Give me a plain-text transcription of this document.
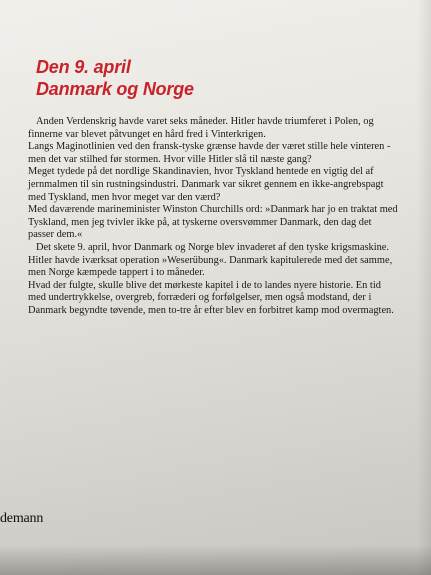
Den 9. april
Danmark og Norge

Anden Verdenskrig havde varet seks måneder. Hitler havde triumferet i Polen, og finnerne var blevet påtvunget en hård fred i Vinterkrigen.

Langs Maginotlinien ved den fransk-tyske grænse havde der været stille hele vinteren - men det var stilhed før stormen. Hvor ville Hitler slå til næste gang?

Meget tydede på det nordlige Skandinavien, hvor Tyskland hentede en vigtig del af jernmalmen til sin rustningsindustri. Danmark var sikret gennem en ikke-angrebspagt med Tyskland, men hvor meget var den værd?

Med daværende marineminister Winston Churchills ord: »Danmark har jo en traktat med Tyskland, men jeg tvivler ikke på, at tyskerne oversvømmer Danmark, den dag det passer dem.«

Det skete 9. april, hvor Danmark og Norge blev invaderet af den tyske krigsmaskine. Hitler havde iværksat operation »Weserübung«. Danmark kapitulerede med det samme, men Norge kæmpede tappert i to måneder.

Hvad der fulgte, skulle blive det mørkeste kapitel i de to landes nyere historie. En tid med undertrykkelse, overgreb, forræderi og forfølgelser, men også modstand, der i Danmark begyndte tøvende, men to-tre år efter blev en forbitret kamp mod overmagten.

demann
